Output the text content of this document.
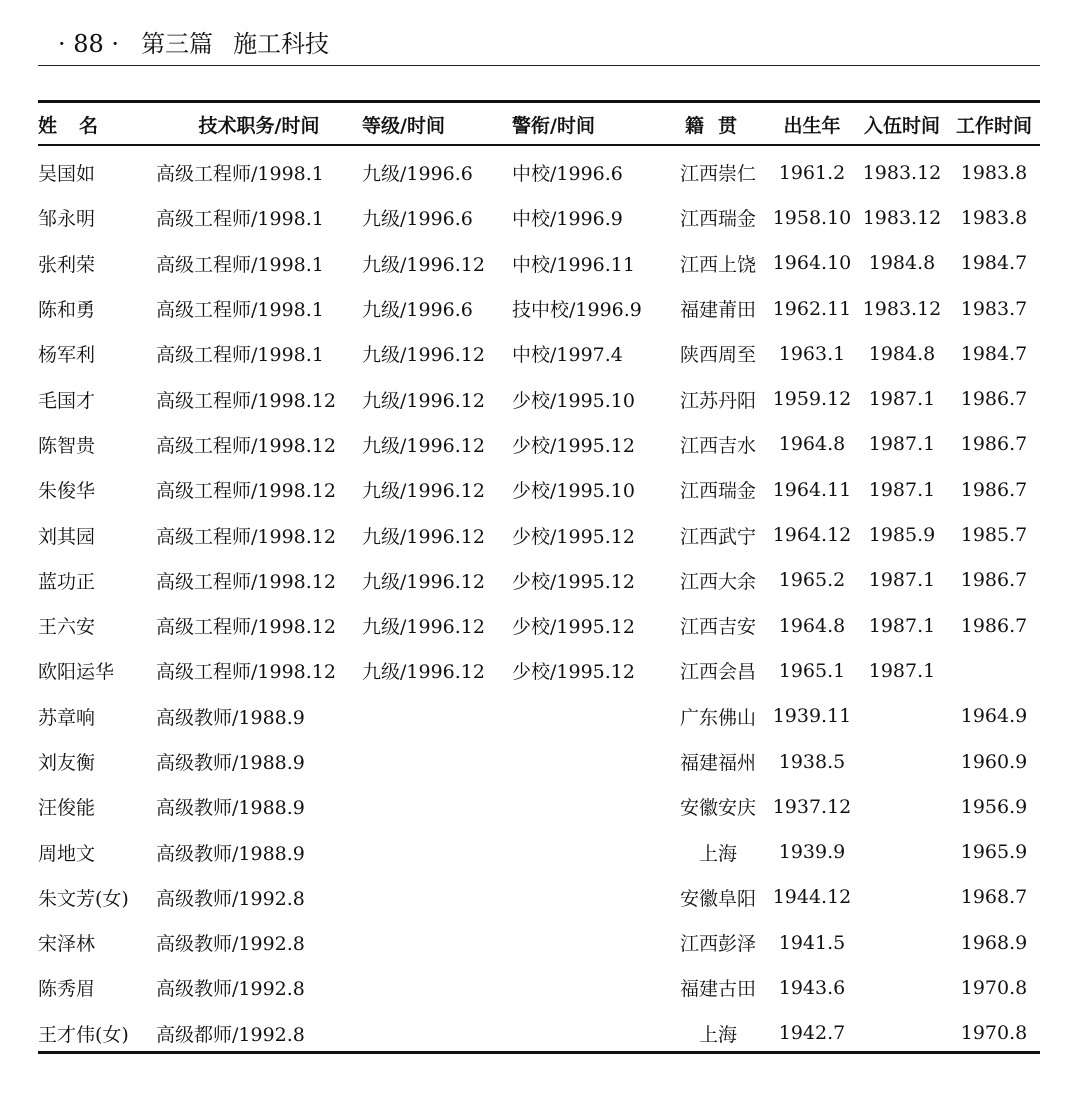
· 88 · 第三篇 施工科技
姓名	技术职务/时间	等级/时间	警衔/时间	籍贯	出生年	入伍时间	工作时间
吴国如	高级工程师/1998.1	九级/1996.6	中校/1996.6	江西崇仁	1961.2	1983.12	1983.8
邹永明	高级工程师/1998.1	九级/1996.6	中校/1996.9	江西瑞金	1958.10	1983.12	1983.8
张利荣	高级工程师/1998.1	九级/1996.12	中校/1996.11	江西上饶	1964.10	1984.8	1984.7
陈和勇	高级工程师/1998.1	九级/1996.6	技中校/1996.9	福建莆田	1962.11	1983.12	1983.7
杨军利	高级工程师/1998.1	九级/1996.12	中校/1997.4	陕西周至	1963.1	1984.8	1984.7
毛国才	高级工程师/1998.12	九级/1996.12	少校/1995.10	江苏丹阳	1959.12	1987.1	1986.7
陈智贵	高级工程师/1998.12	九级/1996.12	少校/1995.12	江西吉水	1964.8	1987.1	1986.7
朱俊华	高级工程师/1998.12	九级/1996.12	少校/1995.10	江西瑞金	1964.11	1987.1	1986.7
刘其园	高级工程师/1998.12	九级/1996.12	少校/1995.12	江西武宁	1964.12	1985.9	1985.7
蓝功正	高级工程师/1998.12	九级/1996.12	少校/1995.12	江西大余	1965.2	1987.1	1986.7
王六安	高级工程师/1998.12	九级/1996.12	少校/1995.12	江西吉安	1964.8	1987.1	1986.7
欧阳运华	高级工程师/1998.12	九级/1996.12	少校/1995.12	江西会昌	1965.1	1987.1	
苏章响	高级教师/1988.9			广东佛山	1939.11		1964.9
刘友衡	高级教师/1988.9			福建福州	1938.5		1960.9
汪俊能	高级教师/1988.9			安徽安庆	1937.12		1956.9
周地文	高级教师/1988.9			上海	1939.9		1965.9
朱文芳(女)	高级教师/1992.8			安徽阜阳	1944.12		1968.7
宋泽林	高级教师/1992.8			江西彭泽	1941.5		1968.9
陈秀眉	高级教师/1992.8			福建古田	1943.6		1970.8
王才伟(女)	高级都师/1992.8			上海	1942.7		1970.8
